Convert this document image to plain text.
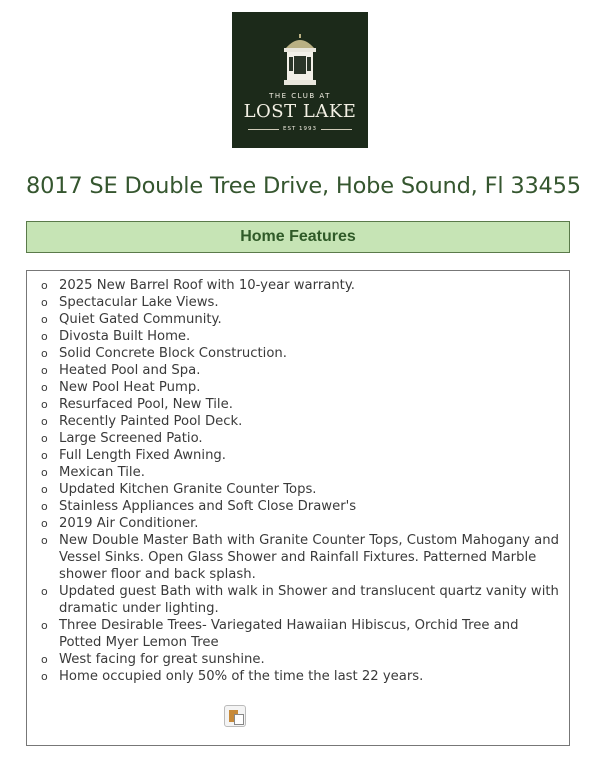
THE CLUB AT
LOST LAKE
EST 1993
8017 SE Double Tree Drive, Hobe Sound, Fl 33455
Home Features
o 2025 New Barrel Roof with 10-year warranty.
o Spectacular Lake Views.
o Quiet Gated Community.
o Divosta Built Home.
o Solid Concrete Block Construction.
o Heated Pool and Spa.
o New Pool Heat Pump.
o Resurfaced Pool, New Tile.
o Recently Painted Pool Deck.
o Large Screened Patio.
o Full Length Fixed Awning.
o Mexican Tile.
o Updated Kitchen Granite Counter Tops.
o Stainless Appliances and Soft Close Drawer's
o 2019 Air Conditioner.
o New Double Master Bath with Granite Counter Tops, Custom Mahogany and Vessel Sinks. Open Glass Shower and Rainfall Fixtures. Patterned Marble shower floor and back splash.
o Updated guest Bath with walk in Shower and translucent quartz vanity with dramatic under lighting.
o Three Desirable Trees- Variegated Hawaiian Hibiscus, Orchid Tree and Potted Myer Lemon Tree
o West facing for great sunshine.
o Home occupied only 50% of the time the last 22 years.
